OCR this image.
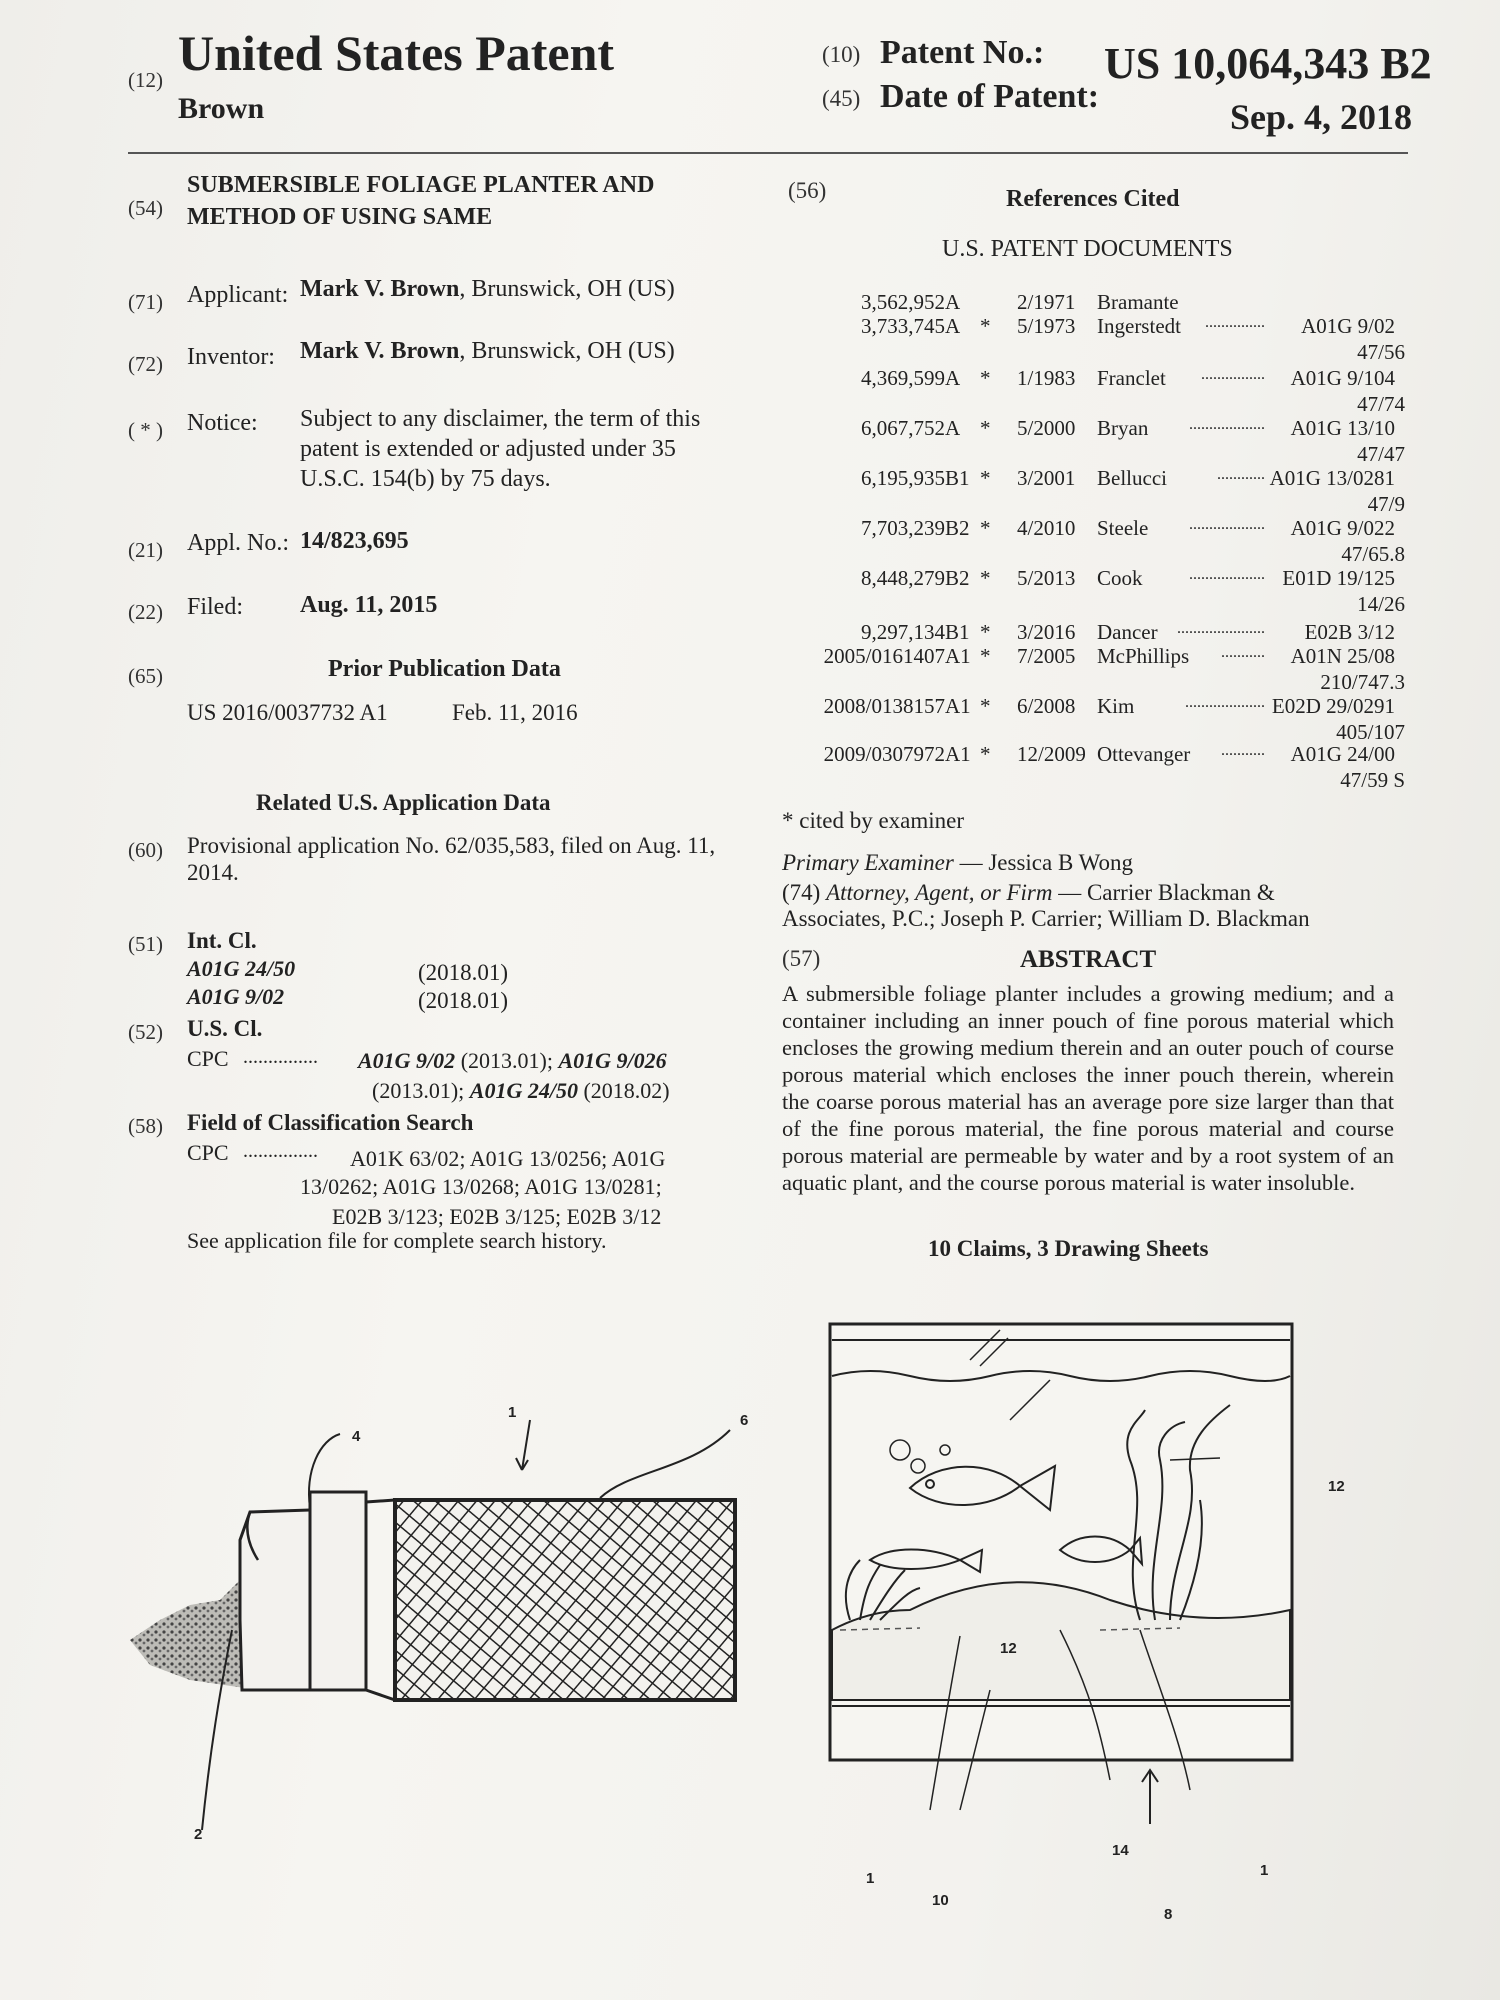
(12) United States Patent
Brown
(10) Patent No.: US 10,064,343 B2
(45) Date of Patent:
Sep. 4, 2018
(54)
SUBMERSIBLE FOLIAGE PLANTER AND
METHOD OF USING SAME
(71) Applicant: Mark V. Brown, Brunswick, OH (US)
(72) Inventor: Mark V. Brown, Brunswick, OH (US)
( * ) Notice: Subject to any disclaimer, the term of this patent is extended or adjusted under 35 U.S.C. 154(b) by 75 days.
(21) Appl. No.: 14/823,695
(22) Filed: Aug. 11, 2015
(65)	Prior Publication Data
US 2016/0037732 A1	Feb. 11, 2016
Related U.S. Application Data
(60) Provisional application No. 62/035,583, filed on Aug. 11, 2014.
(51) Int. Cl.
A01G 24/50	(2018.01)
A01G 9/02	(2018.01)
(52) U.S. Cl.
CPC ............... A01G 9/02 (2013.01); A01G 9/026
(2013.01); A01G 24/50 (2018.02)
(58) Field of Classification Search
CPC ............... A01K 63/02; A01G 13/0256; A01G
13/0262; A01G 13/0268; A01G 13/0281;
E02B 3/123; E02B 3/125; E02B 3/12
See application file for complete search history.
(56)	References Cited
U.S. PATENT DOCUMENTS
3,562,952 A	2/1971 Bramante
3,733,745 A * 5/1973 Ingerstedt ............... A01G 9/02
47/56
4,369,599 A * 1/1983 Franclet ................ A01G 9/104
47/74
6,067,752 A * 5/2000 Bryan	................... A01G 13/10
47/47
6,195,935 B1 * 3/2001 Bellucci	............ A01G 13/0281
47/9
7,703,239 B2 * 4/2010 Steele	................... A01G 9/022
47/65.8
8,448,279 B2 * 5/2013 Cook	................... E01D 19/125
14/26
9,297,134 B1 * 3/2016 Dancer ...................... E02B 3/12
2005/0161407 A1 * 7/2005 McPhillips ........... A01N 25/08
210/747.3
2008/0138157 A1 * 6/2008 Kim	.................... E02D 29/0291
405/107
2009/0307972 A1 * 12/2009 Ottevanger ........... A01G 24/00
47/59 S
* cited by examiner
Primary Examiner — Jessica B Wong
(74) Attorney, Agent, or Firm — Carrier Blackman &
Associates, P.C.; Joseph P. Carrier; William D. Blackman
(57)	ABSTRACT
A submersible foliage planter includes a growing medium; and a container including an inner pouch of fine porous material which encloses the growing medium therein and an outer pouch of course porous material which encloses the inner pouch therein, wherein the coarse porous material has an average pore size larger than that of the fine porous material, the fine porous material and course porous material are permeable by water and by a root system of an aquatic plant, and the course porous material is water insoluble.
10 Claims, 3 Drawing Sheets
4
1	6
2
12
12
1
10
14
8
1
